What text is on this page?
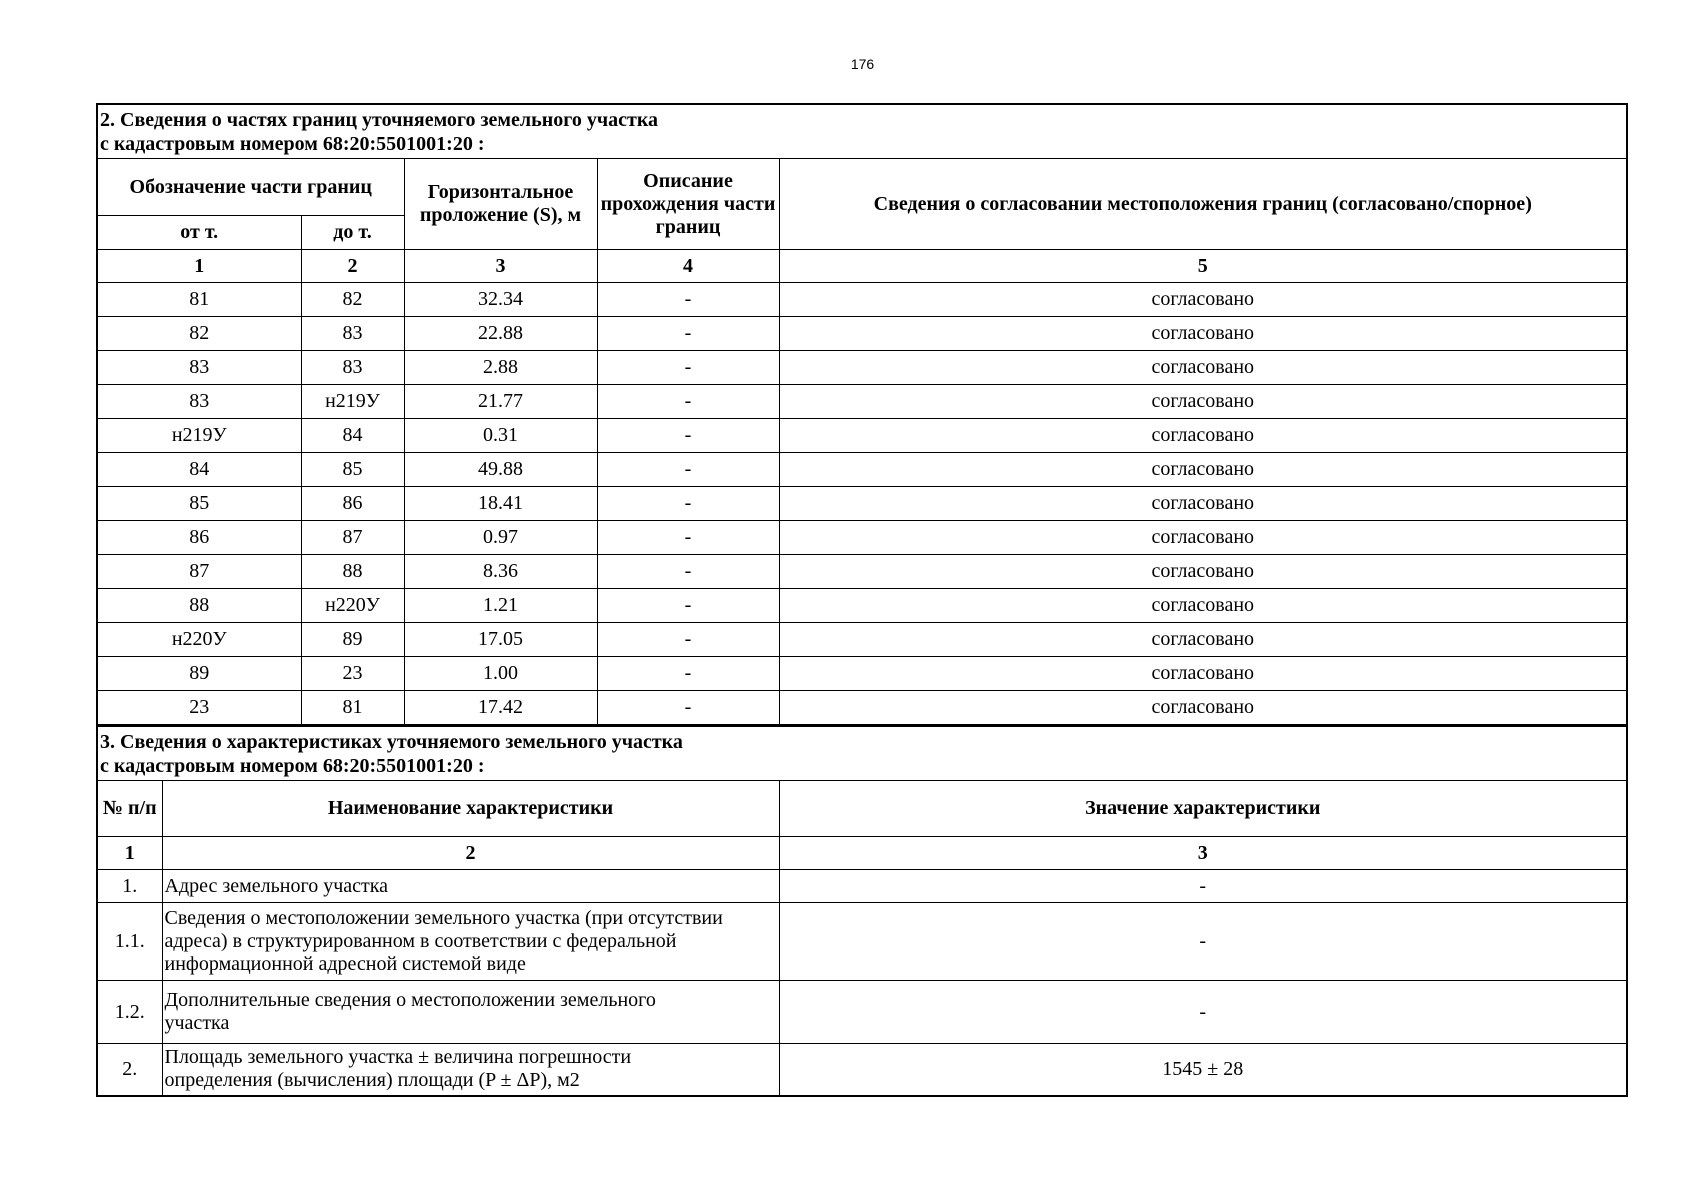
176
2. Сведения о частях границ уточняемого земельного участка
с кадастровым номером 68:20:5501001:20 :				

Обозначение части границ		Горизонтальное проложение (S), м	Описание прохождения части границ	Сведения о согласовании местоположения границ (согласовано/спорное)
от т.	до т.			
1	2	3	4	5
81	82	32.34	-	согласовано
82	83	22.88	-	согласовано
83	83	2.88	-	согласовано
83	н219У	21.77	-	согласовано
н219У	84	0.31	-	согласовано
84	85	49.88	-	согласовано
85	86	18.41	-	согласовано
86	87	0.97	-	согласовано
87	88	8.36	-	согласовано
88	н220У	1.21	-	согласовано
н220У	89	17.05	-	согласовано
89	23	1.00	-	согласовано
23	81	17.42	-	согласовано
3. Сведения о характеристиках уточняемого земельного участка
с кадастровым номером 68:20:5501001:20 :		

№ п/п	Наименование характеристики	Значение характеристики
1	2	3
1.	Адрес земельного участка	-
1.1.	Сведения о местоположении земельного участка (при отсутствии
адреса) в структурированном в соответствии с федеральной
информационной адресной системой виде	-
1.2.	Дополнительные сведения о местоположении земельного
участка	-
2.	Площадь земельного участка ± величина погрешности
определения (вычисления) площади (P ± ΔP), м2	1545 ± 28
